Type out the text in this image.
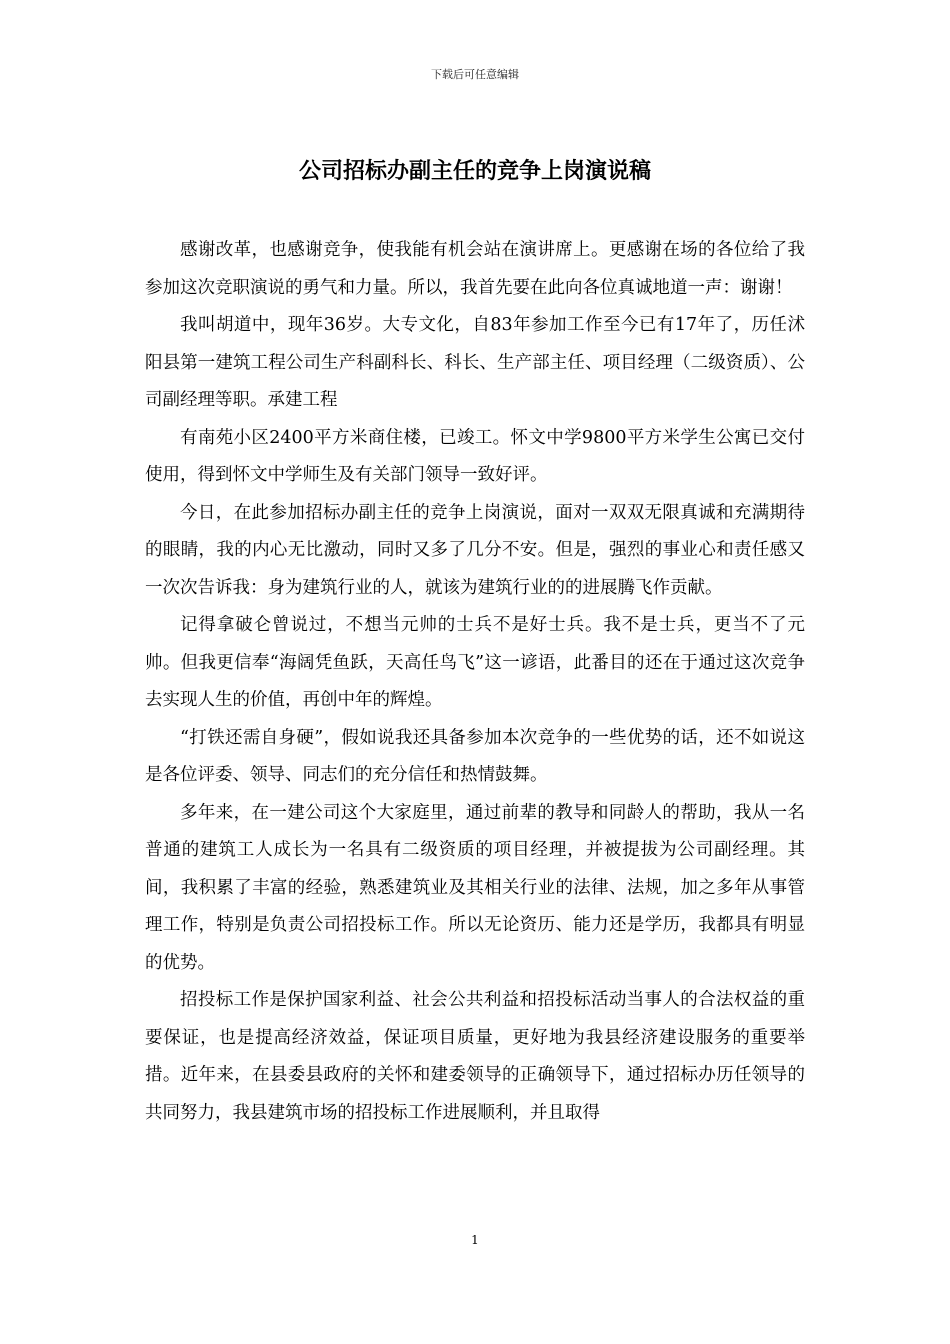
下载后可任意编辑
公司招标办副主任的竞争上岗演说稿

感谢改革，也感谢竞争，使我能有机会站在演讲席上。更感谢在场的各位给了我参加这次竞职演说的勇气和力量。所以，我首先要在此向各位真诚地道一声：谢谢！

我叫胡道中，现年36岁。大专文化，自83年参加工作至今已有17年了，历任沭阳县第一建筑工程公司生产科副科长、科长、生产部主任、项目经理（二级资质）、公司副经理等职。承建工程

有南苑小区2400平方米商住楼，已竣工。怀文中学9800平方米学生公寓已交付使用，得到怀文中学师生及有关部门领导一致好评。

今日，在此参加招标办副主任的竞争上岗演说，面对一双双无限真诚和充满期待的眼睛，我的内心无比激动，同时又多了几分不安。但是，强烈的事业心和责任感又一次次告诉我：身为建筑行业的人，就该为建筑行业的的进展腾飞作贡献。

记得拿破仑曾说过，不想当元帅的士兵不是好士兵。我不是士兵，更当不了元帅。但我更信奉“海阔凭鱼跃，天高任鸟飞”这一谚语，此番目的还在于通过这次竞争去实现人生的价值，再创中年的辉煌。

“打铁还需自身硬”，假如说我还具备参加本次竞争的一些优势的话，还不如说这是各位评委、领导、同志们的充分信任和热情鼓舞。

多年来，在一建公司这个大家庭里，通过前辈的教导和同龄人的帮助，我从一名普通的建筑工人成长为一名具有二级资质的项目经理，并被提拔为公司副经理。其间，我积累了丰富的经验，熟悉建筑业及其相关行业的法律、法规，加之多年从事管理工作，特别是负责公司招投标工作。所以无论资历、能力还是学历，我都具有明显的优势。

招投标工作是保护国家利益、社会公共利益和招投标活动当事人的合法权益的重要保证，也是提高经济效益，保证项目质量，更好地为我县经济建设服务的重要举措。近年来，在县委县政府的关怀和建委领导的正确领导下，通过招标办历任领导的共同努力，我县建筑市场的招投标工作进展顺利，并且取得

1
